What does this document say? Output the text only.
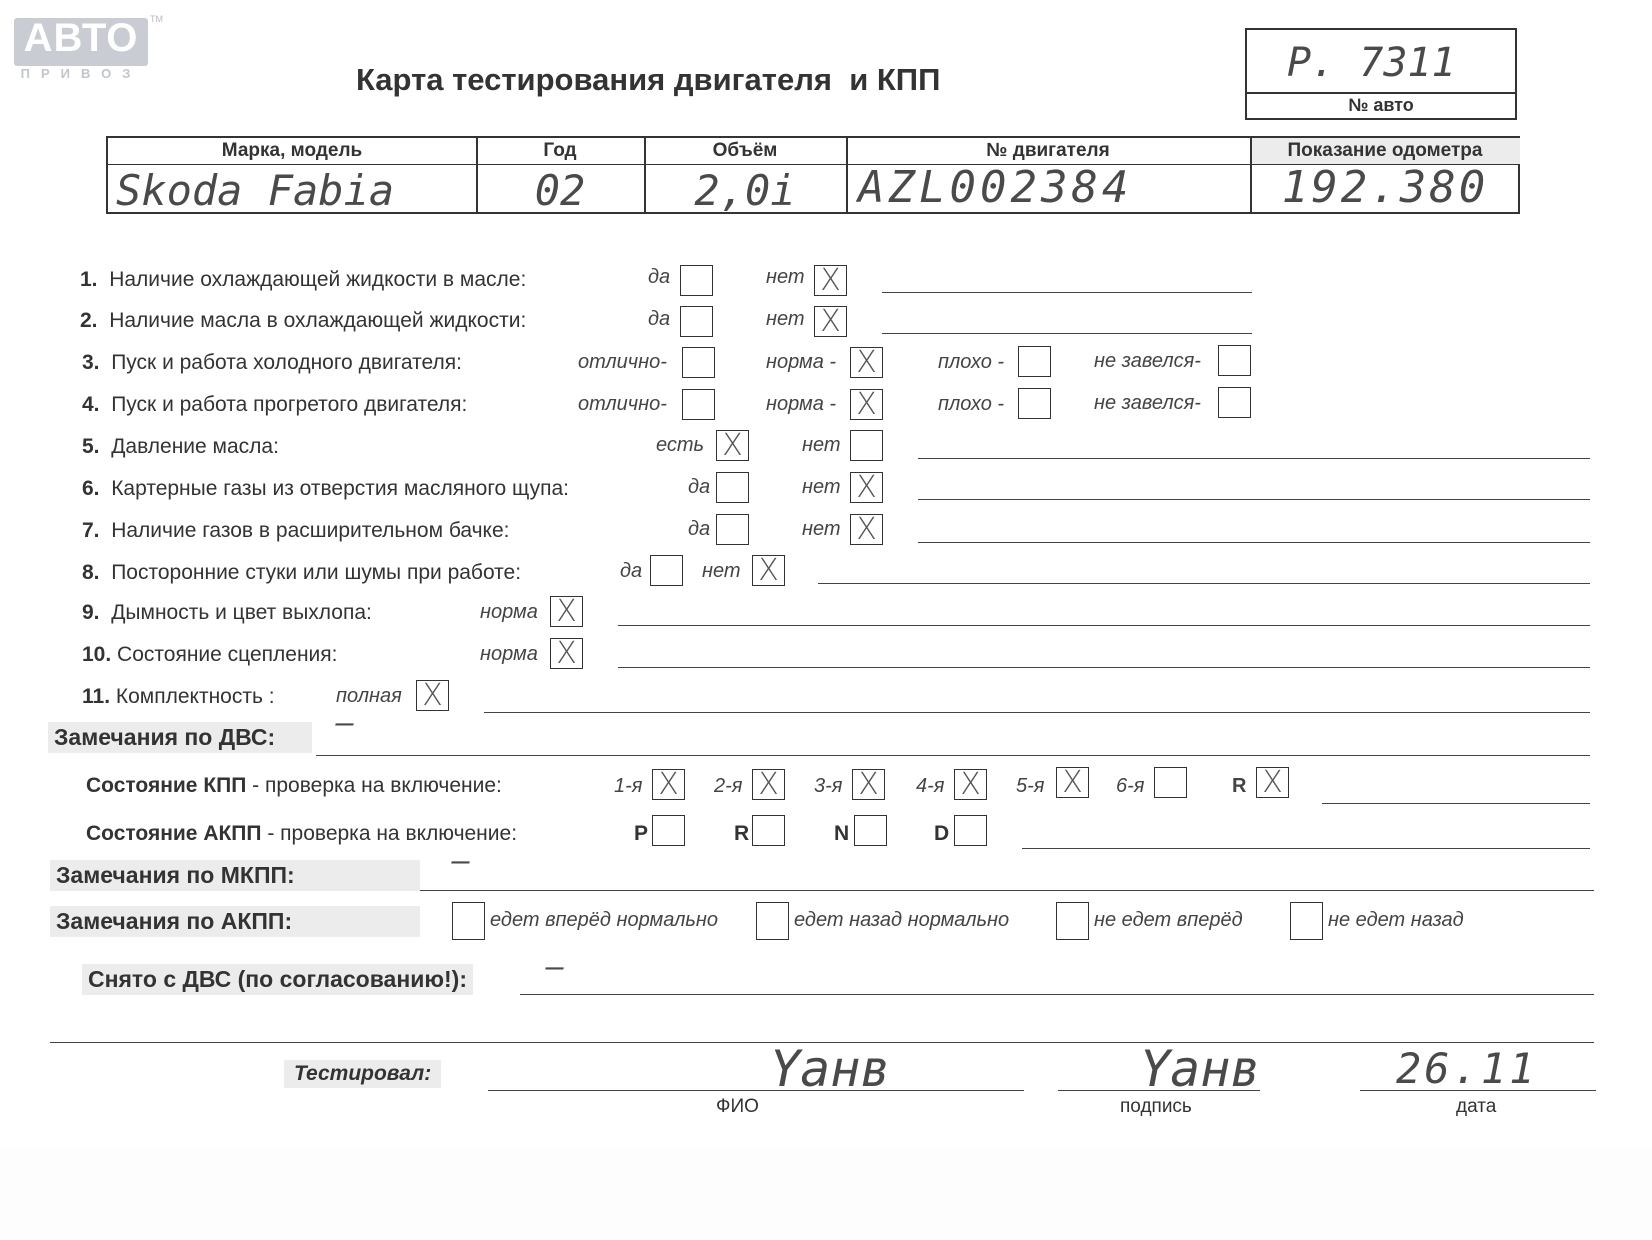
АВТО
ПРИВОЗ
TM
Карта тестирования двигателя  и КПП	Р. 7311
№ авто
Марка, модель	Год	Объём	№ двигателя	Показание одометра
Skoda Fabia	02	2,0i	AZL002384	192.380
1. Наличие охлаждающей жидкости в масле:	да	нет X
2. Наличие масла в охлаждающей жидкости:	да	нет X
3. Пуск и работа холодного двигателя:	отлично-	норма - X	плохо -	не завелся-
4. Пуск и работа прогретого двигателя:	отлично-	норма - X	плохо -	не завелся-
5. Давление масла:	есть X	нет
6. Картерные газы из отверстия масляного щупа:	да	нет X
7. Наличие газов в расширительном бачке:	да	нет X
8. Посторонние стуки или шумы при работе:	да	нет X
9. Дымность и цвет выхлопа:	норма X
10. Состояние сцепления:	норма X
11. Комплектность :	полная X
Замечания по ДВС:	—
Состояние КПП - проверка на включение:	1-я X 2-я X 3-я X 4-я X 5-я X 6-я	R X
Состояние АКПП - проверка на включение:	P	R	N	D
Замечания по МКПП:	—
Замечания по АКПП:	едет вперёд нормально	едет назад нормально	не едет вперёд	не едет назад
Снято с ДВС (по согласованию!):	—
Тестировал:	Yaнв
ФИО
Yaнв
подпись
26.11
дата
